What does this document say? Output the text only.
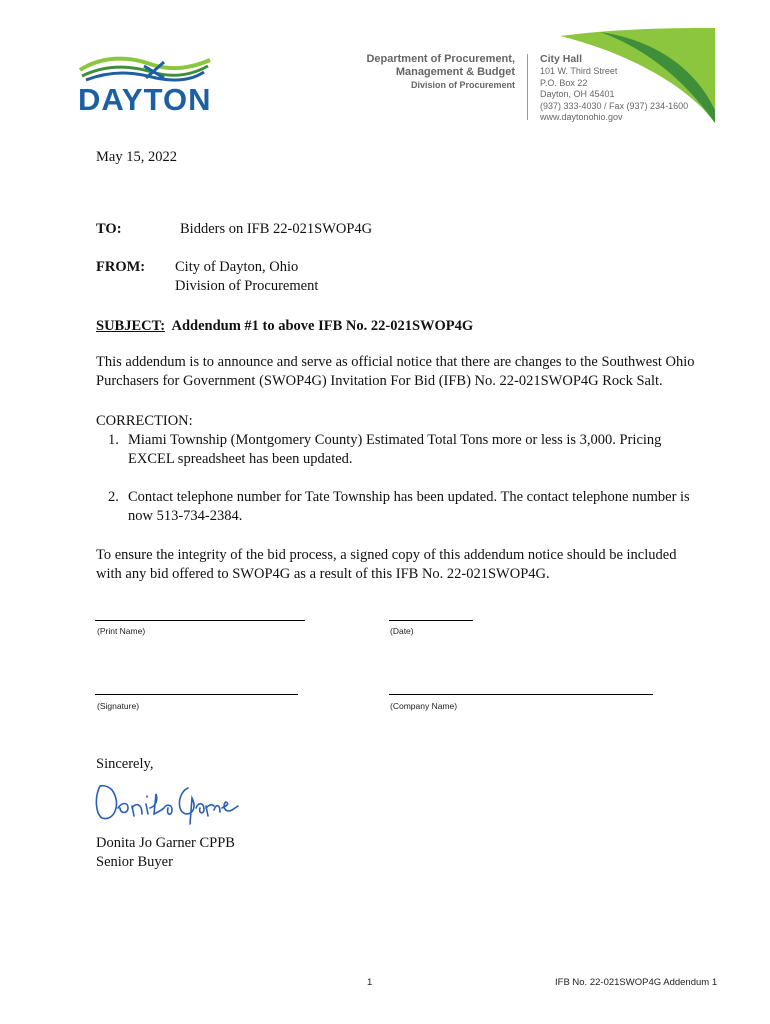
DAYTON
Department of Procurement,
Management & Budget
Division of Procurement
City Hall
101 W. Third Street
P.O. Box 22
Dayton, OH 45401
(937) 333-4030 / Fax (937) 234-1600
www.daytonohio.gov
May 15, 2022
TO:	Bidders on IFB 22-021SWOP4G
FROM: City of Dayton, Ohio
Division of Procurement
SUBJECT: Addendum #1 to above IFB No. 22-021SWOP4G
This addendum is to announce and serve as official notice that there are changes to the Southwest Ohio
Purchasers for Government (SWOP4G) Invitation For Bid (IFB) No. 22-021SWOP4G Rock Salt.
CORRECTION:
1. Miami Township (Montgomery County) Estimated Total Tons more or less is 3,000. Pricing
EXCEL spreadsheet has been updated.
2. Contact telephone number for Tate Township has been updated. The contact telephone number is
now 513-734-2384.
To ensure the integrity of the bid process, a signed copy of this addendum notice should be included
with any bid offered to SWOP4G as a result of this IFB No. 22-021SWOP4G.
(Print Name)	(Date)
(Signature)	(Company Name)
Sincerely,
Donita Jo Garner CPPB
Senior Buyer
1	IFB No. 22-021SWOP4G Addendum 1
